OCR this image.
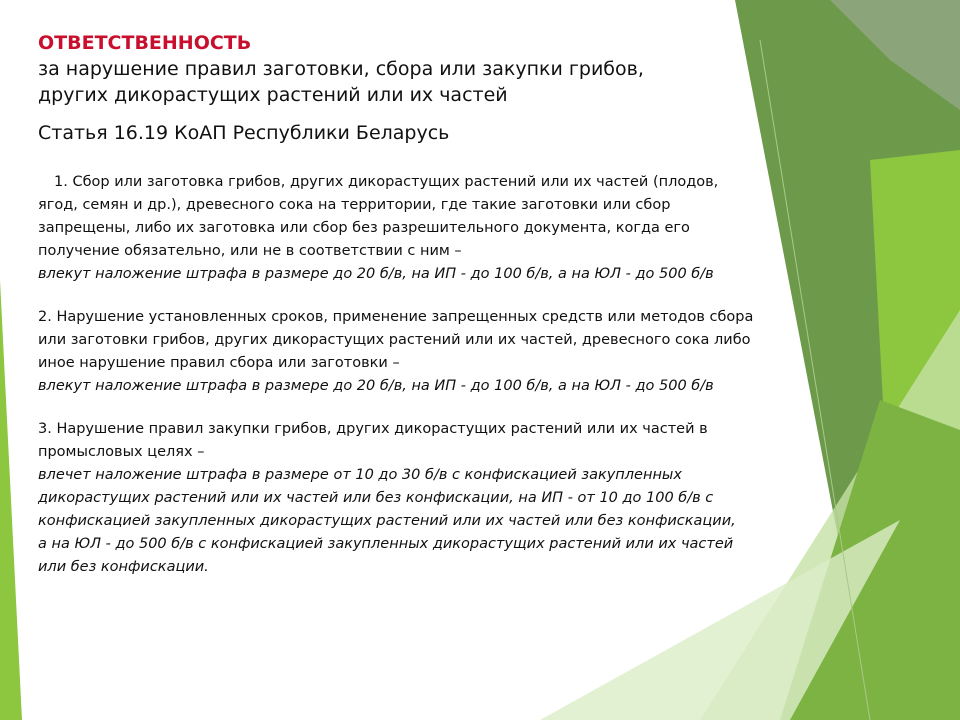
ОТВЕТСТВЕННОСТЬ
за нарушение правил заготовки, сбора или закупки грибов,
других дикорастущих растений или их частей
Статья 16.19 КоАП Республики Беларусь
1. Сбор или заготовка грибов, других дикорастущих растений или их частей (плодов,
ягод, семян и др.), древесного сока на территории, где такие заготовки или сбор
запрещены, либо их заготовка или сбор без разрешительного документа, когда его
получение обязательно, или не в соответствии с ним –
влекут наложение штрафа в размере до 20 б/в, на ИП - до 100 б/в, а на ЮЛ - до 500 б/в
2. Нарушение установленных сроков, применение запрещенных средств или методов сбора
или заготовки грибов, других дикорастущих растений или их частей, древесного сока либо
иное нарушение правил сбора или заготовки –
влекут наложение штрафа в размере до 20 б/в, на ИП - до 100 б/в, а на ЮЛ - до 500 б/в
3. Нарушение правил закупки грибов, других дикорастущих растений или их частей в
промысловых целях –
влечет наложение штрафа в размере от 10 до 30 б/в с конфискацией закупленных
дикорастущих растений или их частей или без конфискации, на ИП - от 10 до 100 б/в с
конфискацией закупленных дикорастущих растений или их частей или без конфискации,
а на ЮЛ - до 500 б/в с конфискацией закупленных дикорастущих растений или их частей
или без конфискации.
